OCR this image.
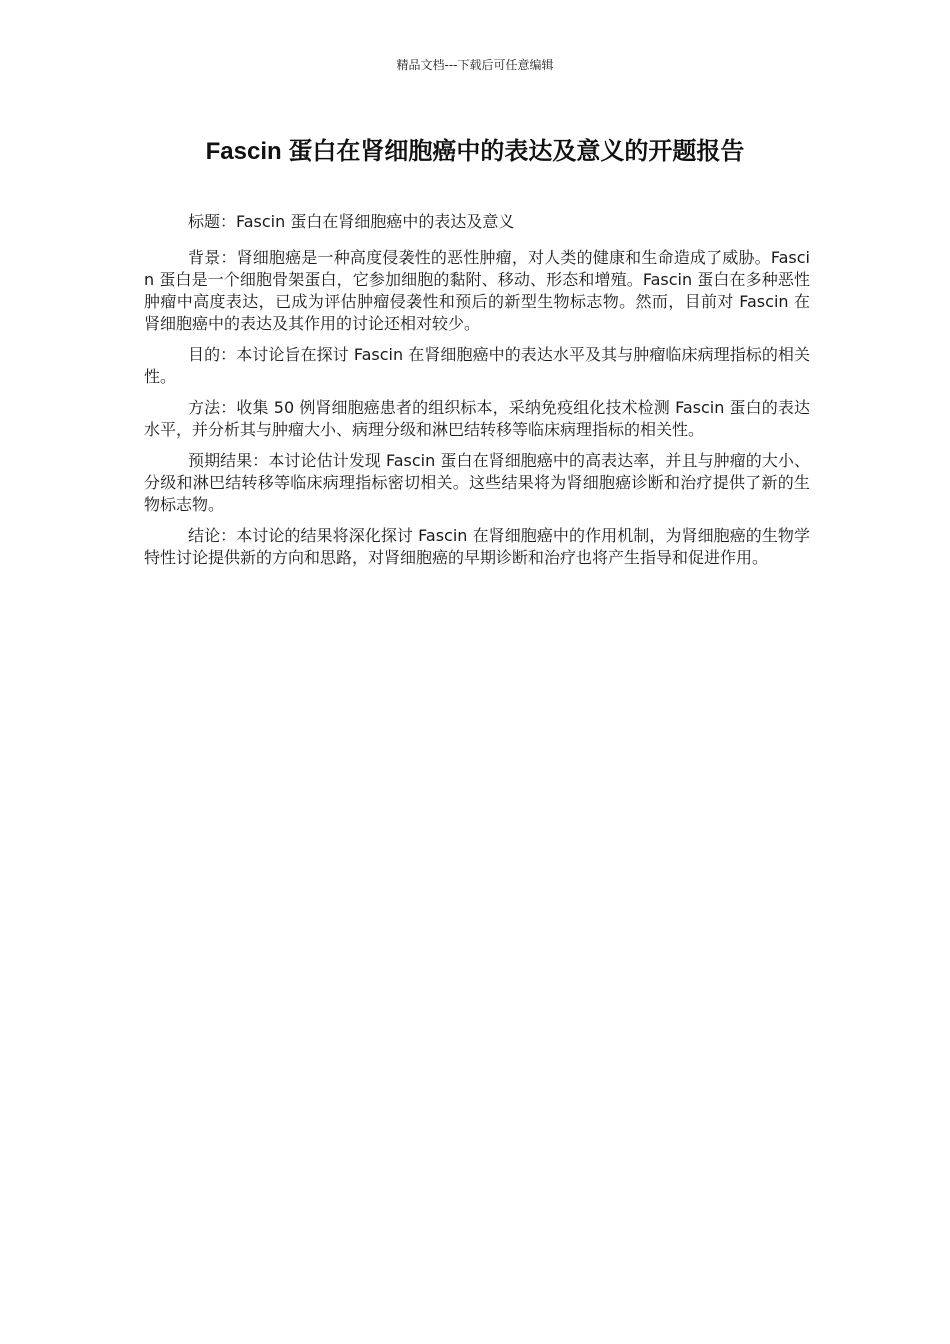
精品文档---下载后可任意编辑
Fascin 蛋白在肾细胞癌中的表达及意义的开题报告

标题：Fascin 蛋白在肾细胞癌中的表达及意义

背景：肾细胞癌是一种高度侵袭性的恶性肿瘤，对人类的健康和生命造成了威胁。Fascin 蛋白是一个细胞骨架蛋白，它参加细胞的黏附、移动、形态和增殖。Fascin 蛋白在多种恶性肿瘤中高度表达，已成为评估肿瘤侵袭性和预后的新型生物标志物。然而，目前对 Fascin 在肾细胞癌中的表达及其作用的讨论还相对较少。

目的：本讨论旨在探讨 Fascin 在肾细胞癌中的表达水平及其与肿瘤临床病理指标的相关性。

方法：收集 50 例肾细胞癌患者的组织标本，采纳免疫组化技术检测 Fascin 蛋白的表达水平，并分析其与肿瘤大小、病理分级和淋巴结转移等临床病理指标的相关性。

预期结果：本讨论估计发现 Fascin 蛋白在肾细胞癌中的高表达率，并且与肿瘤的大小、分级和淋巴结转移等临床病理指标密切相关。这些结果将为肾细胞癌诊断和治疗提供了新的生物标志物。

结论：本讨论的结果将深化探讨 Fascin 在肾细胞癌中的作用机制，为肾细胞癌的生物学特性讨论提供新的方向和思路，对肾细胞癌的早期诊断和治疗也将产生指导和促进作用。
